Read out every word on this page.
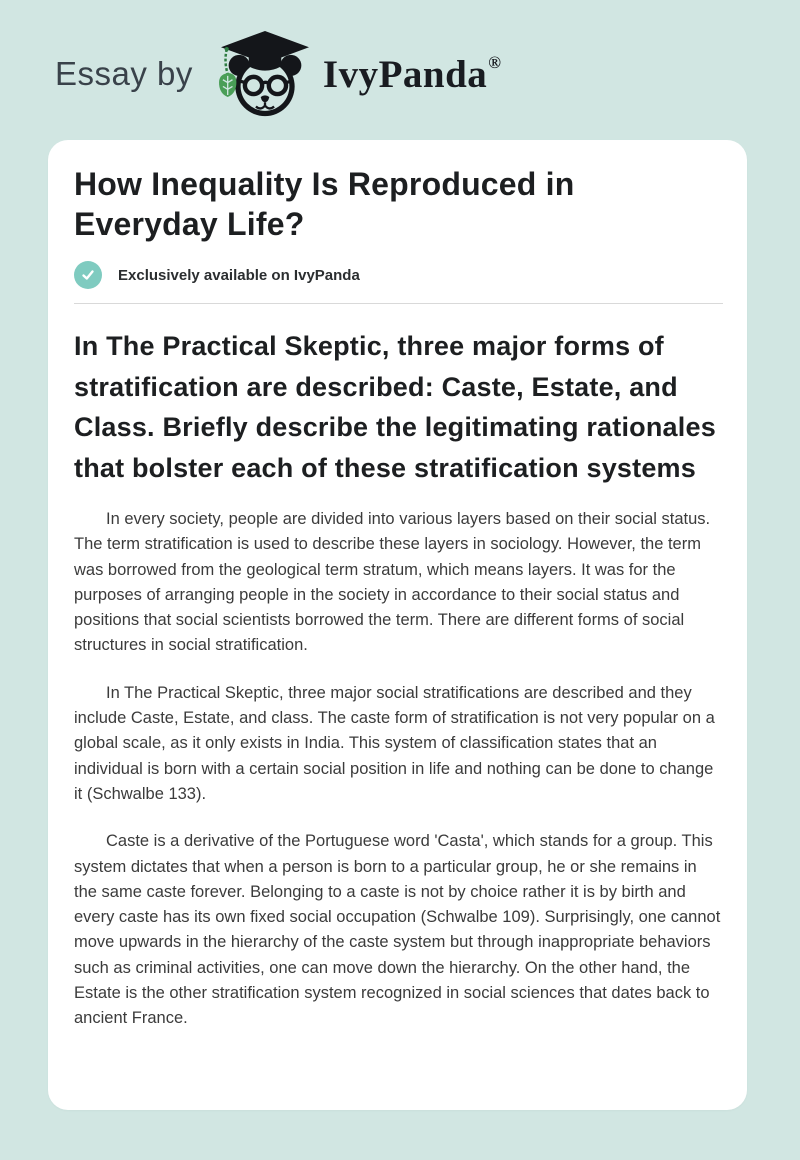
Essay by	IvyPanda ®
How Inequality Is Reproduced in Everyday Life?
Exclusively available on IvyPanda
In The Practical Skeptic, three major forms of stratification are described: Caste, Estate, and Class. Briefly describe the legitimating rationales that bolster each of these stratification systems

In every society, people are divided into various layers based on their social status. The term stratification is used to describe these layers in sociology. However, the term was borrowed from the geological term stratum, which means layers. It was for the purposes of arranging people in the society in accordance to their social status and positions that social scientists borrowed the term. There are different forms of social structures in social stratification.

In The Practical Skeptic, three major social stratifications are described and they include Caste, Estate, and class. The caste form of stratification is not very popular on a global scale, as it only exists in India. This system of classification states that an individual is born with a certain social position in life and nothing can be done to change it (Schwalbe 133).

Caste is a derivative of the Portuguese word 'Casta', which stands for a group. This system dictates that when a person is born to a particular group, he or she remains in the same caste forever. Belonging to a caste is not by choice rather it is by birth and every caste has its own fixed social occupation (Schwalbe 109). Surprisingly, one cannot move upwards in the hierarchy of the caste system but through inappropriate behaviors such as criminal activities, one can move down the hierarchy. On the other hand, the Estate is the other stratification system recognized in social sciences that dates back to ancient France.
